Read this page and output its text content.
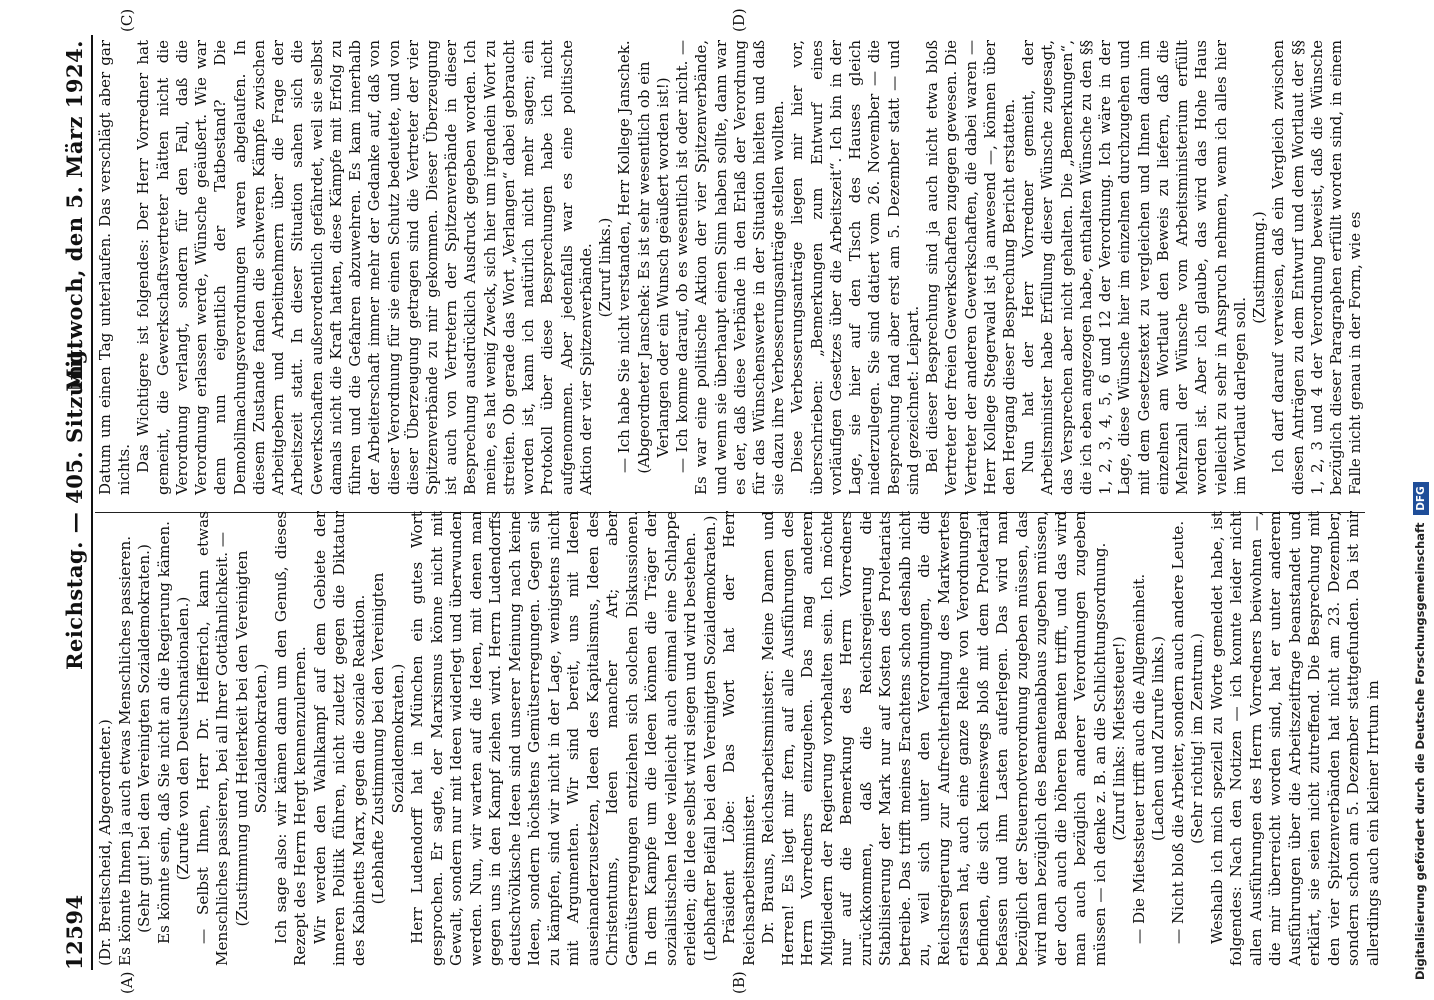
12594
Reichstag. — 405. Sitzung.
Mittwoch, den 5. März 1924.
(A)	(B)
(C)	(D)

(Dr. Breitscheid, Abgeordneter.) Es könnte Ihnen ja auch etwas Menschliches passieren. (Sehr gut! bei den Vereinigten Sozialdemokraten.) Es könnte sein, daß Sie nicht an die Regierung kämen. (Zurufe von den Deutschnationalen.) — Selbst Ihnen, Herr Dr. Helfferich, kann etwas Menschliches passieren, bei all Ihrer Gottähnlichkeit. — (Zustimmung und Heiterkeit bei den Vereinigten Sozialdemokraten.) Ich sage also: wir kämen dann um den Genuß, dieses Rezept des Herrn Hergt kennenzulernen. Wir werden den Wahlkampf auf dem Gebiete der inneren Politik führen, nicht zuletzt gegen die Diktatur des Kabinetts Marx, gegen die soziale Reaktion. (Lebhafte Zustimmung bei den Vereinigten Sozialdemokraten.) Herr Ludendorff hat in München ein gutes Wort gesprochen. Er sagte, der Marxismus könne nicht mit Gewalt, sondern nur mit Ideen widerlegt und überwunden werden. Nun, wir warten auf die Ideen, mit denen man gegen uns in den Kampf ziehen wird. Herrn Ludendorffs deutschvölkische Ideen sind unserer Meinung nach keine Ideen, sondern höchstens Gemütserregungen. Gegen sie zu kämpfen, sind wir nicht in der Lage, wenigstens nicht mit Argumenten. Wir sind bereit, uns mit Ideen auseinanderzusetzen, Ideen des Kapitalismus, Ideen des Christentums, Ideen mancher Art; aber Gemütserregungen entziehen sich solchen Diskussionen. In dem Kampfe um die Ideen können die Träger der sozialistischen Idee vielleicht auch einmal eine Schlappe erleiden; die Idee selbst wird siegen und wird bestehen. (Lebhafter Beifall bei den Vereinigten Sozialdemokraten.) Präsident Löbe: Das Wort hat der Herr Reichsarbeitsminister. Dr. Brauns, Reichsarbeitsminister: Meine Damen und Herren! Es liegt mir fern, auf alle Ausführungen des Herrn Vorredners einzugehen. Das mag anderen Mitgliedern der Regierung vorbehalten sein. Ich möchte nur auf die Bemerkung des Herrn Vorredners zurückkommen, daß die Reichsregierung die Stabilisierung der Mark nur auf Kosten des Proletariats betreibe. Das trifft meines Erachtens schon deshalb nicht zu, weil sich unter den Verordnungen, die die Reichsregierung zur Aufrechterhaltung des Markwertes erlassen hat, auch eine ganze Reihe von Verordnungen befinden, die sich keineswegs bloß mit dem Proletariat befassen und ihm Lasten auferlegen. Das wird man bezüglich der Steuernotverordnung zugeben müssen, das wird man bezüglich des Beamtenabbaus zugeben müssen, der doch auch die höheren Beamten trifft, und das wird man auch bezüglich anderer Verordnungen zugeben müssen — ich denke z. B. an die Schlichtungsordnung. (Zuruf links: Mietssteuer!) — Die Mietssteuer trifft auch die Allgemeinheit. (Lachen und Zurufe links.) — Nicht bloß die Arbeiter, sondern auch andere Leute. (Sehr richtig! im Zentrum.) Weshalb ich mich speziell zu Worte gemeldet habe, ist folgendes: Nach den Notizen — ich konnte leider nicht allen Ausführungen des Herrn Vorredners beiwohnen —, die mir überreicht worden sind, hat er unter anderem Ausführungen über die Arbeitszeitfrage beanstandet und erklärt, sie seien nicht zutreffend. Die Besprechung mit den vier Spitzenverbänden hat nicht am 23. Dezember, sondern schon am 5. Dezember stattgefunden. Da ist mir allerdings auch ein kleiner Irrtum im

Datum um einen Tag unterlaufen. Das verschlägt aber gar nichts. Das Wichtigere ist folgendes: Der Herr Vorredner hat gemeint, die Gewerkschaftsvertreter hätten nicht die Verordnung verlangt, sondern für den Fall, daß die Verordnung erlassen werde, Wünsche geäußert. Wie war denn nun eigentlich der Tatbestand? Die Demobilmachungsverordnungen waren abgelaufen. In diesem Zustande fanden die schweren Kämpfe zwischen Arbeitgebern und Arbeitnehmern über die Frage der Arbeitszeit statt. In dieser Situation sahen sich die Gewerkschaften außerordentlich gefährdet, weil sie selbst damals nicht die Kraft hatten, diese Kämpfe mit Erfolg zu führen und die Gefahren abzuwehren. Es kam innerhalb der Arbeiterschaft immer mehr der Gedanke auf, daß von dieser Verordnung für sie einen Schutz bedeutete, und von dieser Überzeugung getragen sind die Vertreter der vier Spitzenverbände zu mir gekommen. Dieser Überzeugung ist auch von Vertretern der Spitzenverbände in dieser Besprechung ausdrücklich Ausdruck gegeben worden. Ich meine, es hat wenig Zweck, sich hier um irgendein Wort zu streiten. Ob gerade das Wort „Verlangen“ dabei gebraucht worden ist, kann ich natürlich nicht mehr sagen; ein Protokoll über diese Besprechungen habe ich nicht aufgenommen. Aber jedenfalls war es eine politische Aktion der vier Spitzenverbände. (Zuruf links.) — Ich habe Sie nicht verstanden, Herr Kollege Janschek. (Abgeordneter Janschek: Es ist sehr wesentlich ob ein Verlangen oder ein Wunsch geäußert worden ist!) — Ich komme darauf, ob es wesentlich ist oder nicht. — Es war eine politische Aktion der vier Spitzenverbände, und wenn sie überhaupt einen Sinn haben sollte, dann war es der, daß diese Verbände in den Erlaß der Verordnung für das Wünschenswerte in der Situation hielten und daß sie dazu ihre Verbesserungsanträge stellen wollten. Diese Verbesserungsanträge liegen mir hier vor, überschrieben: „Bemerkungen zum Entwurf eines vorläufigen Gesetzes über die Arbeitszeit“. Ich bin in der Lage, sie hier auf den Tisch des Hauses gleich niederzulegen. Sie sind datiert vom 26. November — die Besprechung fand aber erst am 5. Dezember statt — und sind gezeichnet: Leipart. Bei dieser Besprechung sind ja auch nicht etwa bloß Vertreter der freien Gewerkschaften zugegen gewesen. Die Vertreter der anderen Gewerkschaften, die dabei waren — Herr Kollege Stegerwald ist ja anwesend —, können über den Hergang dieser Besprechung Bericht erstatten. Nun hat der Herr Vorredner gemeint, der Arbeitsminister habe Erfüllung dieser Wünsche zugesagt, das Versprechen aber nicht gehalten. Die „Bemerkungen“, die ich eben angezogen habe, enthalten Wünsche zu den §§ 1, 2, 3, 4, 5, 6 und 12 der Verordnung. Ich wäre in der Lage, diese Wünsche hier im einzelnen durchzugehen und mit dem Gesetzestext zu vergleichen und Ihnen dann im einzelnen am Wortlaut den Beweis zu liefern, daß die Mehrzahl der Wünsche vom Arbeitsministerium erfüllt worden ist. Aber ich glaube, das wird das Hohe Haus vielleicht zu sehr in Anspruch nehmen, wenn ich alles hier im Wortlaut darlegen soll.

(Zustimmung.) Ich darf darauf verweisen, daß ein Vergleich zwischen diesen Anträgen zu dem Entwurf und dem Wortlaut der §§ 1, 2, 3 und 4 der Verordnung beweist, daß die Wünsche bezüglich dieser Paragraphen erfüllt worden sind, in einem Falle nicht genau in der Form, wie es

Digitalisierung gefördert durch die Deutsche Forschungsgemeinschaft DFG
